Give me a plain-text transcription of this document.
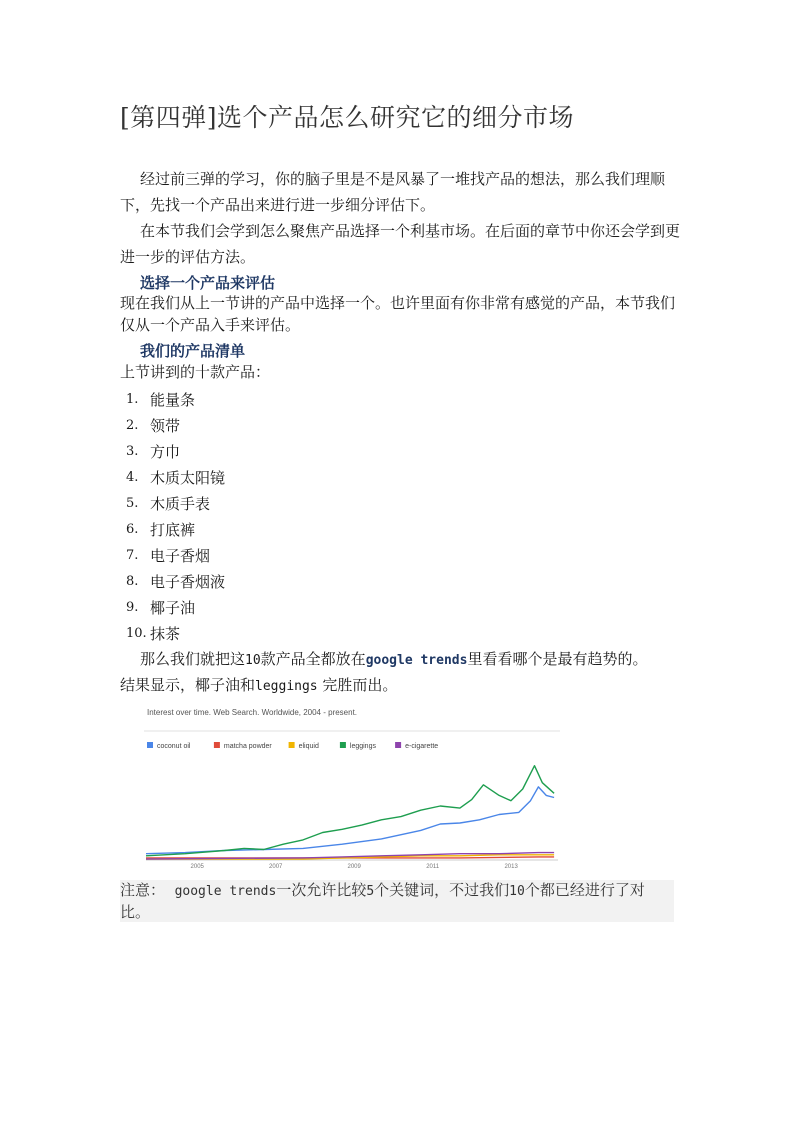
[第四弹]选个产品怎么研究它的细分市场

经过前三弹的学习，你的脑子里是不是风暴了一堆找产品的想法，那么我们理顺下，先找一个产品出来进行进一步细分评估下。

在本节我们会学到怎么聚焦产品选择一个利基市场。在后面的章节中你还会学到更进一步的评估方法。

选择一个产品来评估
现在我们从上一节讲的产品中选择一个。也许里面有你非常有感觉的产品，本节我们仅从一个产品入手来评估。
我们的产品清单
上节讲到的十款产品：
1. 能量条
2. 领带
3. 方巾
4. 木质太阳镜
5. 木质手表
6. 打底裤
7. 电子香烟
8. 电子香烟液
9. 椰子油
10. 抹茶

那么我们就把这10款产品全都放在google trends里看看哪个是最有趋势的。

结果显示，椰子油和leggings 完胜而出。

Interest over time. Web Search. Worldwide, 2004 - present.
coconut oil	matcha powder	eliquid	leggings	e-cigarette
2005	2007	2009	2011	2013
注意： google trends一次允许比较5个关键词，不过我们10个都已经进行了对比。
